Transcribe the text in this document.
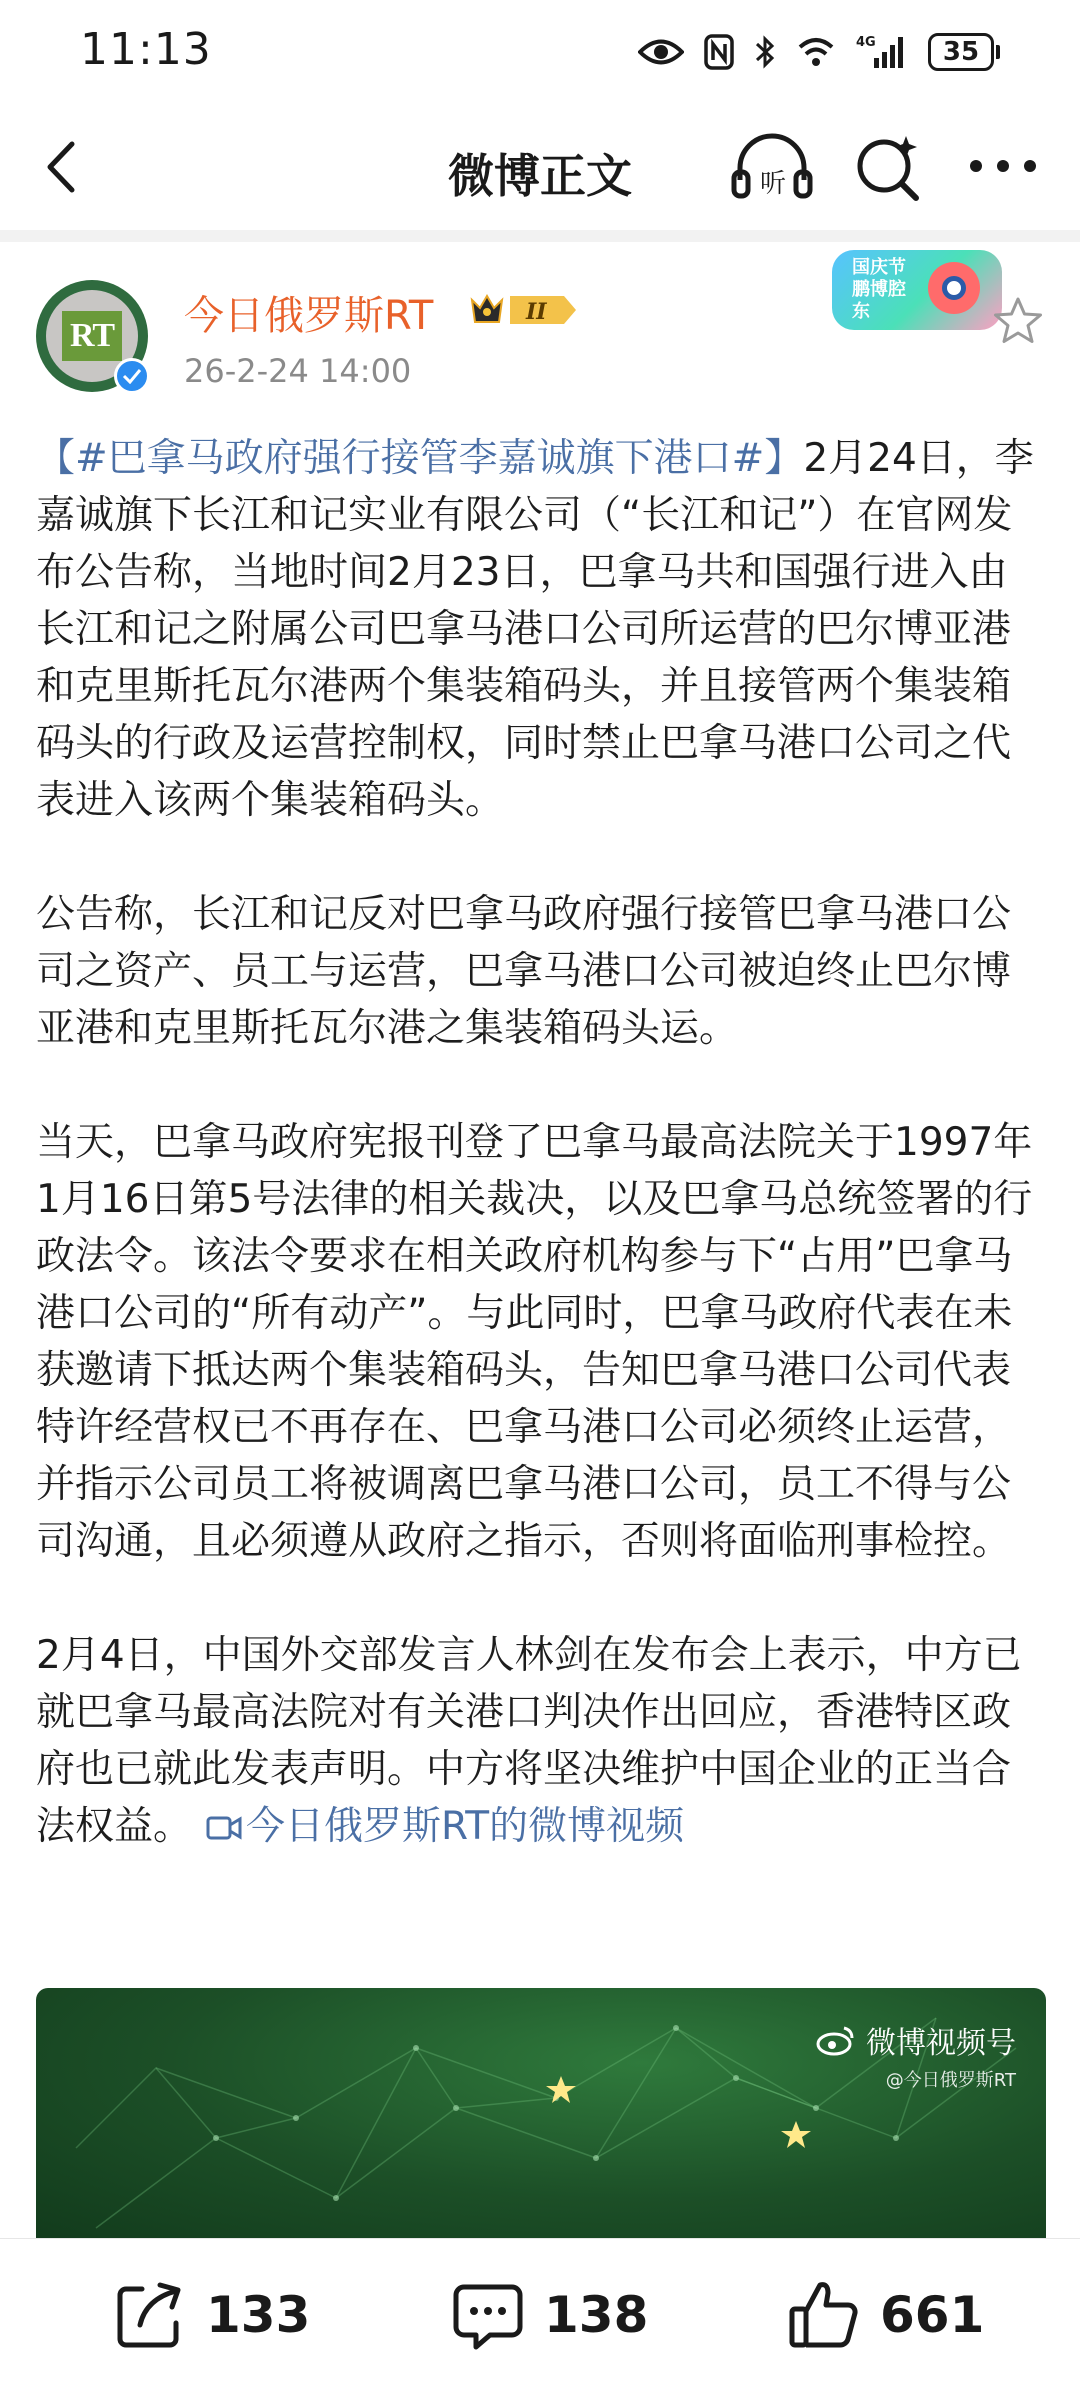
11:13	4G	35
微博正文	听
RT 今日俄罗斯RT	II
26-2-24 14:00
国庆节 鹏博腔东

【#巴拿马政府强行接管李嘉诚旗下港口#】2月24日，李嘉诚旗下长江和记实业有限公司（“长江和记”）在官网发布公告称，当地时间2月23日，巴拿马共和国强行进入由长江和记之附属公司巴拿马港口公司所运营的巴尔博亚港和克里斯托瓦尔港两个集装箱码头，并且接管两个集装箱码头的行政及运营控制权，同时禁止巴拿马港口公司之代表进入该两个集装箱码头。

公告称，长江和记反对巴拿马政府强行接管巴拿马港口公司之资产、员工与运营，巴拿马港口公司被迫终止巴尔博亚港和克里斯托瓦尔港之集装箱码头运。

当天，巴拿马政府宪报刊登了巴拿马最高法院关于1997年1月16日第5号法律的相关裁决，以及巴拿马总统签署的行政法令。该法令要求在相关政府机构参与下“占用”巴拿马港口公司的“所有动产”。与此同时，巴拿马政府代表在未获邀请下抵达两个集装箱码头，告知巴拿马港口公司代表特许经营权已不再存在、巴拿马港口公司必须终止运营，并指示公司员工将被调离巴拿马港口公司，员工不得与公司沟通，且必须遵从政府之指示，否则将面临刑事检控。

2月4日，中国外交部发言人林剑在发布会上表示，中方已就巴拿马最高法院对有关港口判决作出回应，香港特区政府也已就此发表声明。中方将坚决维护中国企业的正当合法权益。 今日俄罗斯RT的微博视频

微博视频号
@今日俄罗斯RT
133	138	661
